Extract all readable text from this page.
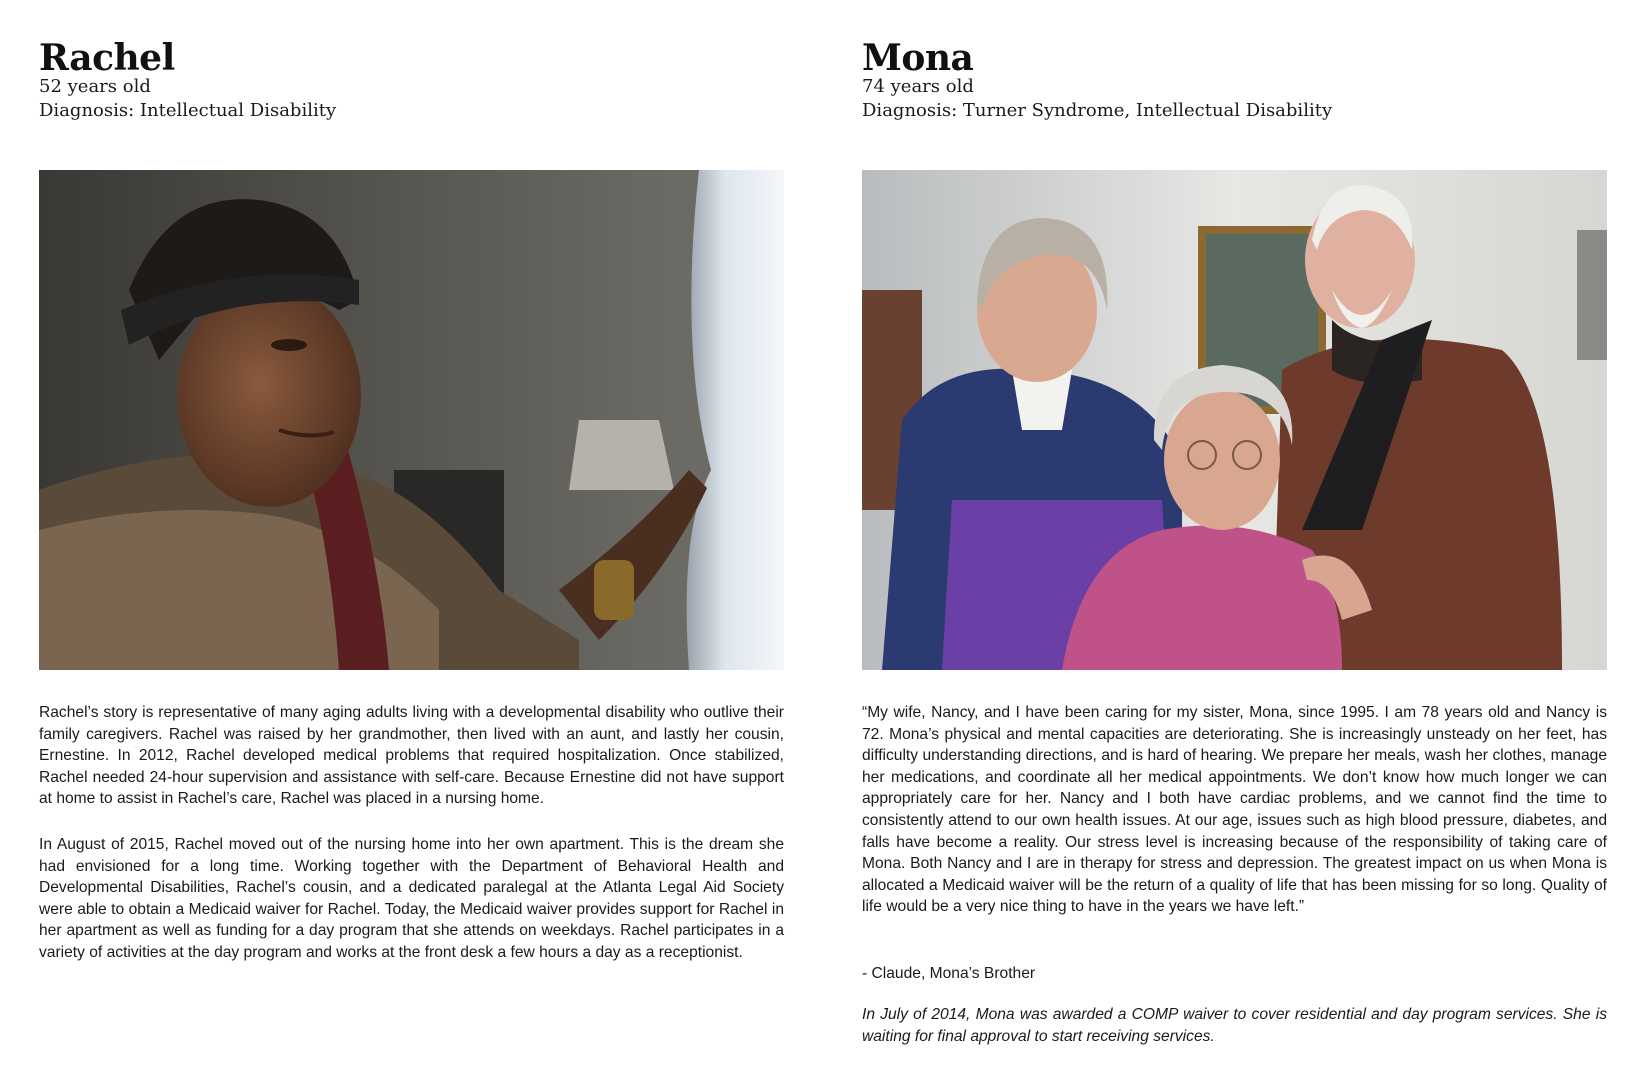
Rachel

52 years old

Diagnosis: Intellectual Disability

Rachel’s story is representative of many aging adults living with a developmental disability who outlive their family caregivers. Rachel was raised by her grandmother, then lived with an aunt, and lastly her cousin, Ernestine. In 2012, Rachel developed medical problems that required hospitalization. Once stabilized, Rachel needed 24-hour supervision and assistance with self-care. Because Ernestine did not have support at home to assist in Rachel’s care, Rachel was placed in a nursing home.

In August of 2015, Rachel moved out of the nursing home into her own apartment. This is the dream she had envisioned for a long time. Working together with the Department of Behavioral Health and Developmental Disabilities, Rachel’s cousin, and a dedicated paralegal at the Atlanta Legal Aid Society were able to obtain a Medicaid waiver for Rachel. Today, the Medicaid waiver provides support for Rachel in her apartment as well as funding for a day program that she attends on weekdays. Rachel participates in a variety of activities at the day program and works at the front desk a few hours a day as a receptionist.

Mona

74 years old

Diagnosis: Turner Syndrome, Intellectual Disability

“My wife, Nancy, and I have been caring for my sister, Mona, since 1995. I am 78 years old and Nancy is 72. Mona’s physical and mental capacities are deteriorating. She is increasingly unsteady on her feet, has difficulty understanding directions, and is hard of hearing. We prepare her meals, wash her clothes, manage her medications, and coordinate all her medical appointments. We don’t know how much longer we can appropriately care for her. Nancy and I both have cardiac problems, and we cannot find the time to consistently attend to our own health issues. At our age, issues such as high blood pressure, diabetes, and falls have become a reality. Our stress level is increasing because of the responsibility of taking care of Mona. Both Nancy and I are in therapy for stress and depression. The greatest impact on us when Mona is allocated a Medicaid waiver will be the return of a quality of life that has been missing for so long. Quality of life would be a very nice thing to have in the years we have left.”

- Claude, Mona’s Brother

In July of 2014, Mona was awarded a COMP waiver to cover residential and day program services. She is waiting for final approval to start receiving services.
